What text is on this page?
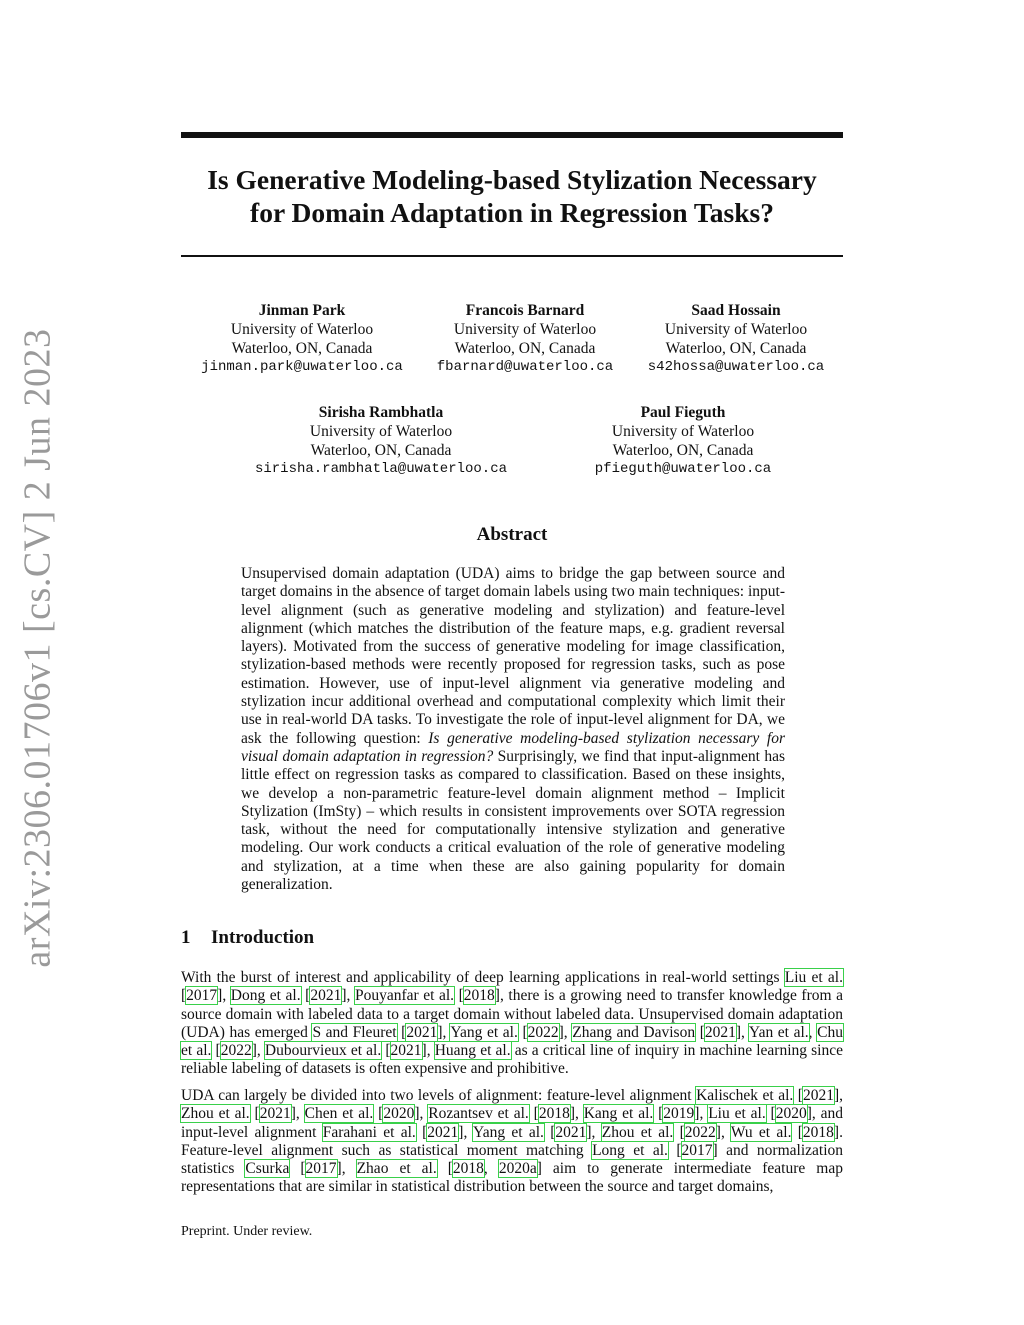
arXiv:2306.01706v1 [cs.CV] 2 Jun 2023
Is Generative Modeling-based Stylization Necessary
for Domain Adaptation in Regression Tasks?
Jinman Park
University of Waterloo
Waterloo, ON, Canada
jinman.park@uwaterloo.ca
Francois Barnard
University of Waterloo
Waterloo, ON, Canada
fbarnard@uwaterloo.ca
Saad Hossain
University of Waterloo
Waterloo, ON, Canada
s42hossa@uwaterloo.ca
Sirisha Rambhatla
University of Waterloo
Waterloo, ON, Canada
sirisha.rambhatla@uwaterloo.ca
Paul Fieguth
University of Waterloo
Waterloo, ON, Canada
pfieguth@uwaterloo.ca
Abstract

Unsupervised domain adaptation (UDA) aims to bridge the gap between source and target domains in the absence of target domain labels using two main techniques: input-level alignment (such as generative modeling and stylization) and feature-level alignment (which matches the distribution of the feature maps, e.g. gradient reversal layers). Motivated from the success of generative modeling for image classification, stylization-based methods were recently proposed for regression tasks, such as pose estimation. However, use of input-level alignment via generative modeling and stylization incur additional overhead and computational complexity which limit their use in real-world DA tasks. To investigate the role of input-level alignment for DA, we ask the following question: Is generative modeling-based stylization necessary for visual domain adaptation in regression? Surprisingly, we find that input-alignment has little effect on regression tasks as compared to classification. Based on these insights, we develop a non-parametric feature-level domain alignment method – Implicit Stylization (ImSty) – which results in consistent improvements over SOTA regression task, without the need for computationally intensive stylization and generative modeling. Our work conducts a critical evaluation of the role of generative modeling and stylization, at a time when these are also gaining popularity for domain generalization.

1 Introduction

With the burst of interest and applicability of deep learning applications in real-world settings Liu et al. [2017], Dong et al. [2021], Pouyanfar et al. [2018], there is a growing need to transfer knowledge from a source domain with labeled data to a target domain without labeled data. Unsupervised domain adaptation (UDA) has emerged S and Fleuret [2021], Yang et al. [2022], Zhang and Davison [2021], Yan et al., Chu et al. [2022], Dubourvieux et al. [2021], Huang et al. as a critical line of inquiry in machine learning since reliable labeling of datasets is often expensive and prohibitive.

UDA can largely be divided into two levels of alignment: feature-level alignment Kalischek et al. [2021], Zhou et al. [2021], Chen et al. [2020], Rozantsev et al. [2018], Kang et al. [2019], Liu et al. [2020], and input-level alignment Farahani et al. [2021], Yang et al. [2021], Zhou et al. [2022], Wu et al. [2018]. Feature-level alignment such as statistical moment matching Long et al. [2017] and normalization statistics Csurka [2017], Zhao et al. [2018, 2020a] aim to generate intermediate feature map representations that are similar in statistical distribution between the source and target domains,

Preprint. Under review.
